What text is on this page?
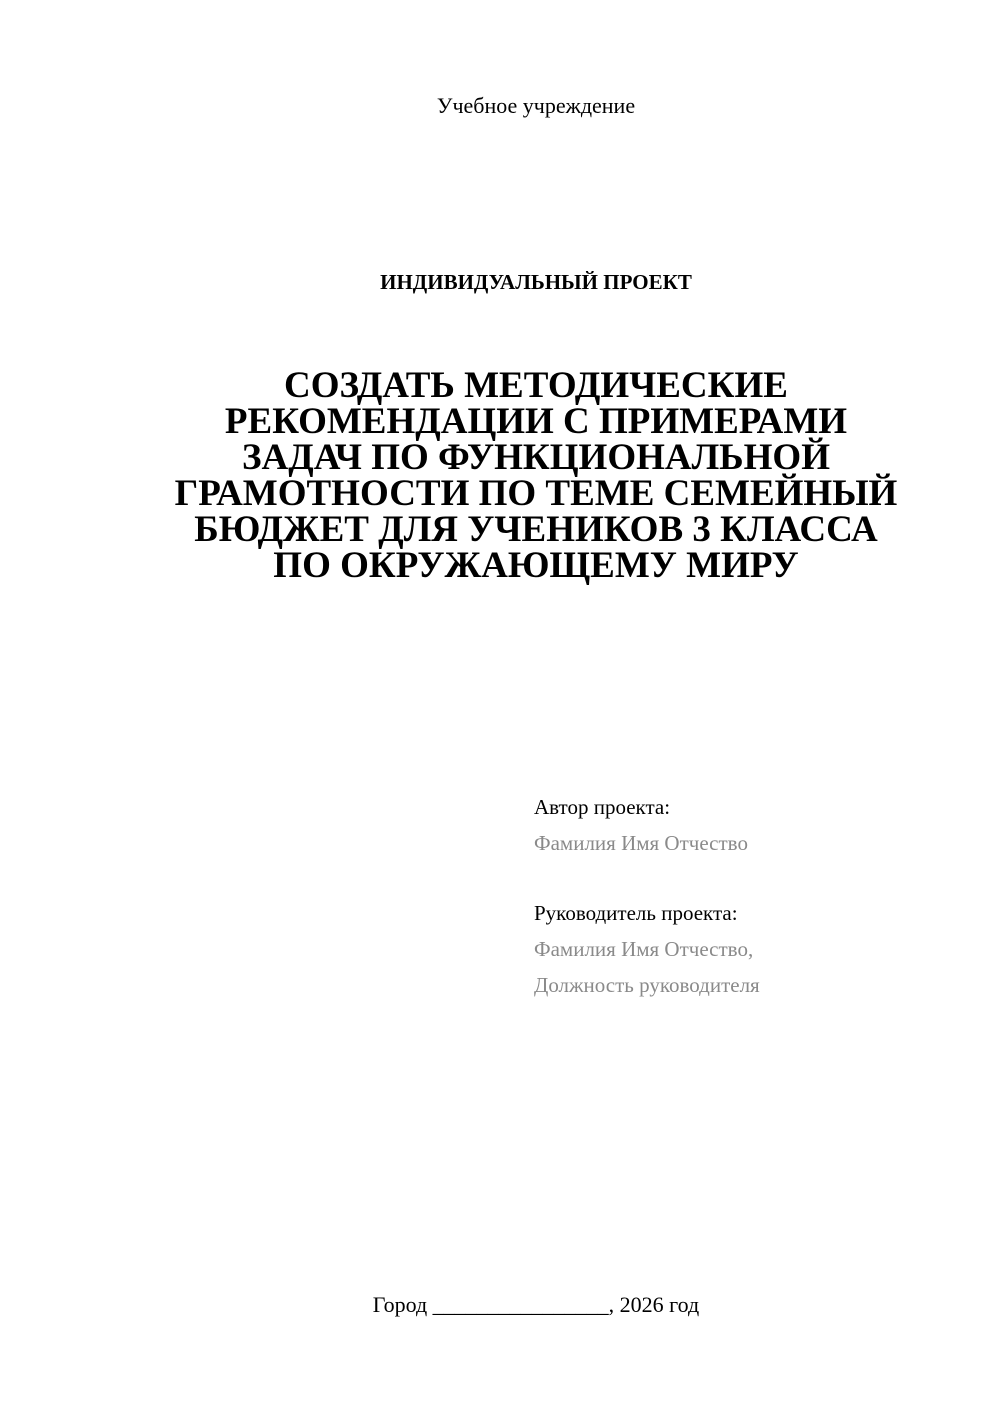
Учебное учреждение
ИНДИВИДУАЛЬНЫЙ ПРОЕКТ
СОЗДАТЬ МЕТОДИЧЕСКИЕ
РЕКОМЕНДАЦИИ С ПРИМЕРАМИ
ЗАДАЧ ПО ФУНКЦИОНАЛЬНОЙ
ГРАМОТНОСТИ ПО ТЕМЕ СЕМЕЙНЫЙ
БЮДЖЕТ ДЛЯ УЧЕНИКОВ 3 КЛАССА
ПО ОКРУЖАЮЩЕМУ МИРУ
Автор проекта:
Фамилия Имя Отчество
Руководитель проекта:
Фамилия Имя Отчество,
Должность руководителя
Город ________________, 2026 год
